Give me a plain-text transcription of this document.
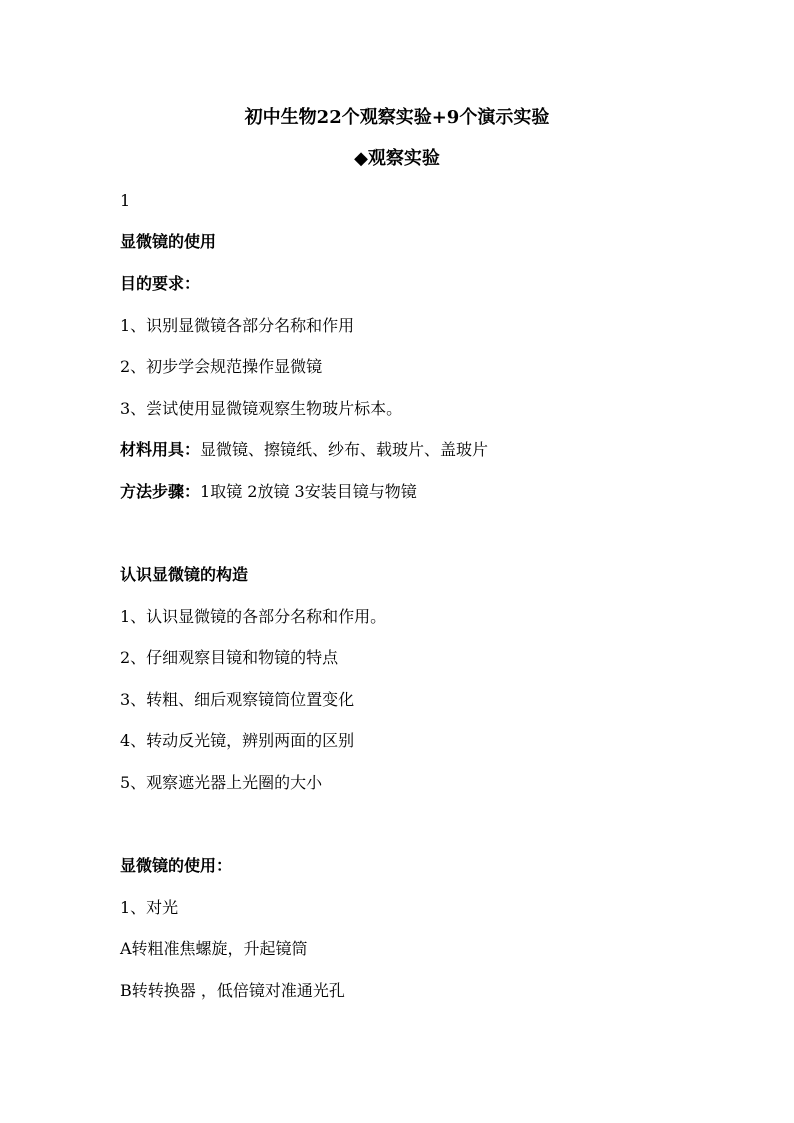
初中生物22个观察实验+9个演示实验
◆观察实验

1

显微镜的使用

目的要求：

1、识别显微镜各部分名称和作用

2、初步学会规范操作显微镜

3、尝试使用显微镜观察生物玻片标本。

材料用具：显微镜、擦镜纸、纱布、载玻片、盖玻片

方法步骤：1取镜 2放镜 3安装目镜与物镜

认识显微镜的构造

1、认识显微镜的各部分名称和作用。

2、仔细观察目镜和物镜的特点

3、转粗、细后观察镜筒位置变化

4、转动反光镜，辨别两面的区别

5、观察遮光器上光圈的大小

显微镜的使用：

1、对光

A转粗准焦螺旋，升起镜筒

B转转换器 ，低倍镜对准通光孔
